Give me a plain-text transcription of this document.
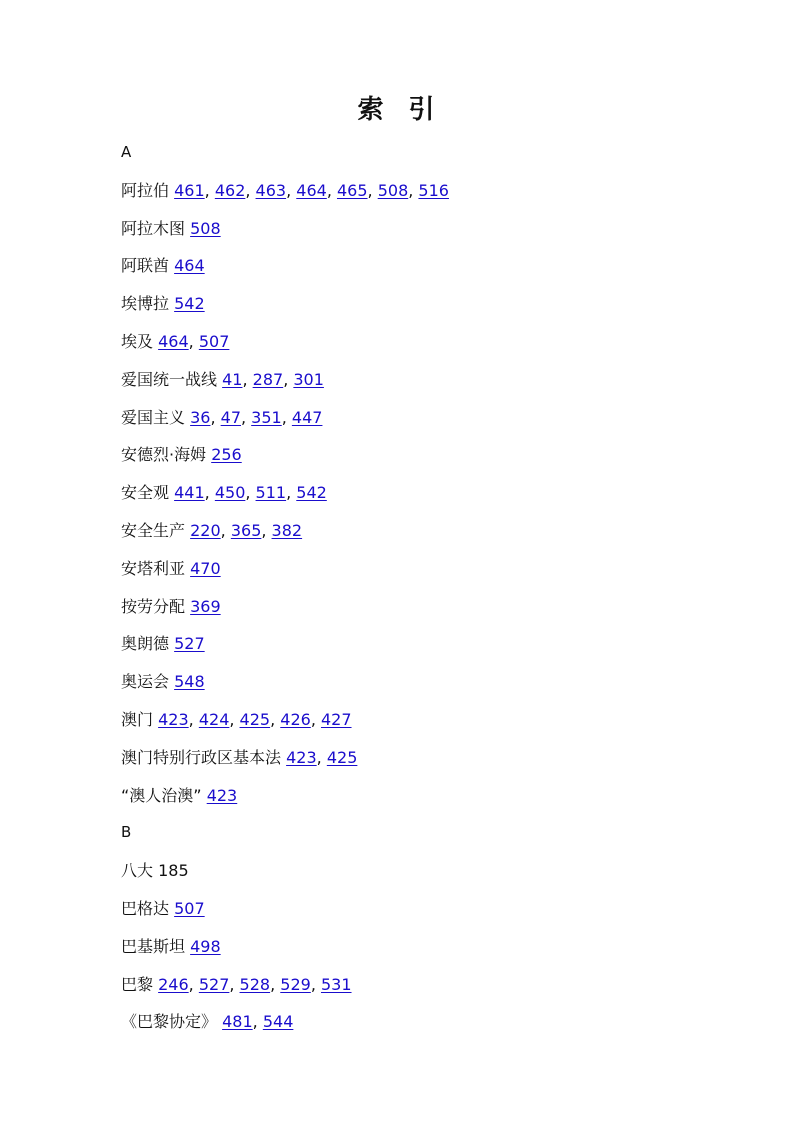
索 引
A
阿拉伯 461, 462, 463, 464, 465, 508, 516
阿拉木图 508
阿联酋 464
埃博拉 542
埃及 464, 507
爱国统一战线 41, 287, 301
爱国主义 36, 47, 351, 447
安德烈·海姆 256
安全观 441, 450, 511, 542
安全生产 220, 365, 382
安塔利亚 470
按劳分配 369
奥朗德 527
奥运会 548
澳门 423, 424, 425, 426, 427
澳门特别行政区基本法 423, 425
“澳人治澳” 423
B
八大 185
巴格达 507
巴基斯坦 498
巴黎 246, 527, 528, 529, 531
《巴黎协定》 481, 544
